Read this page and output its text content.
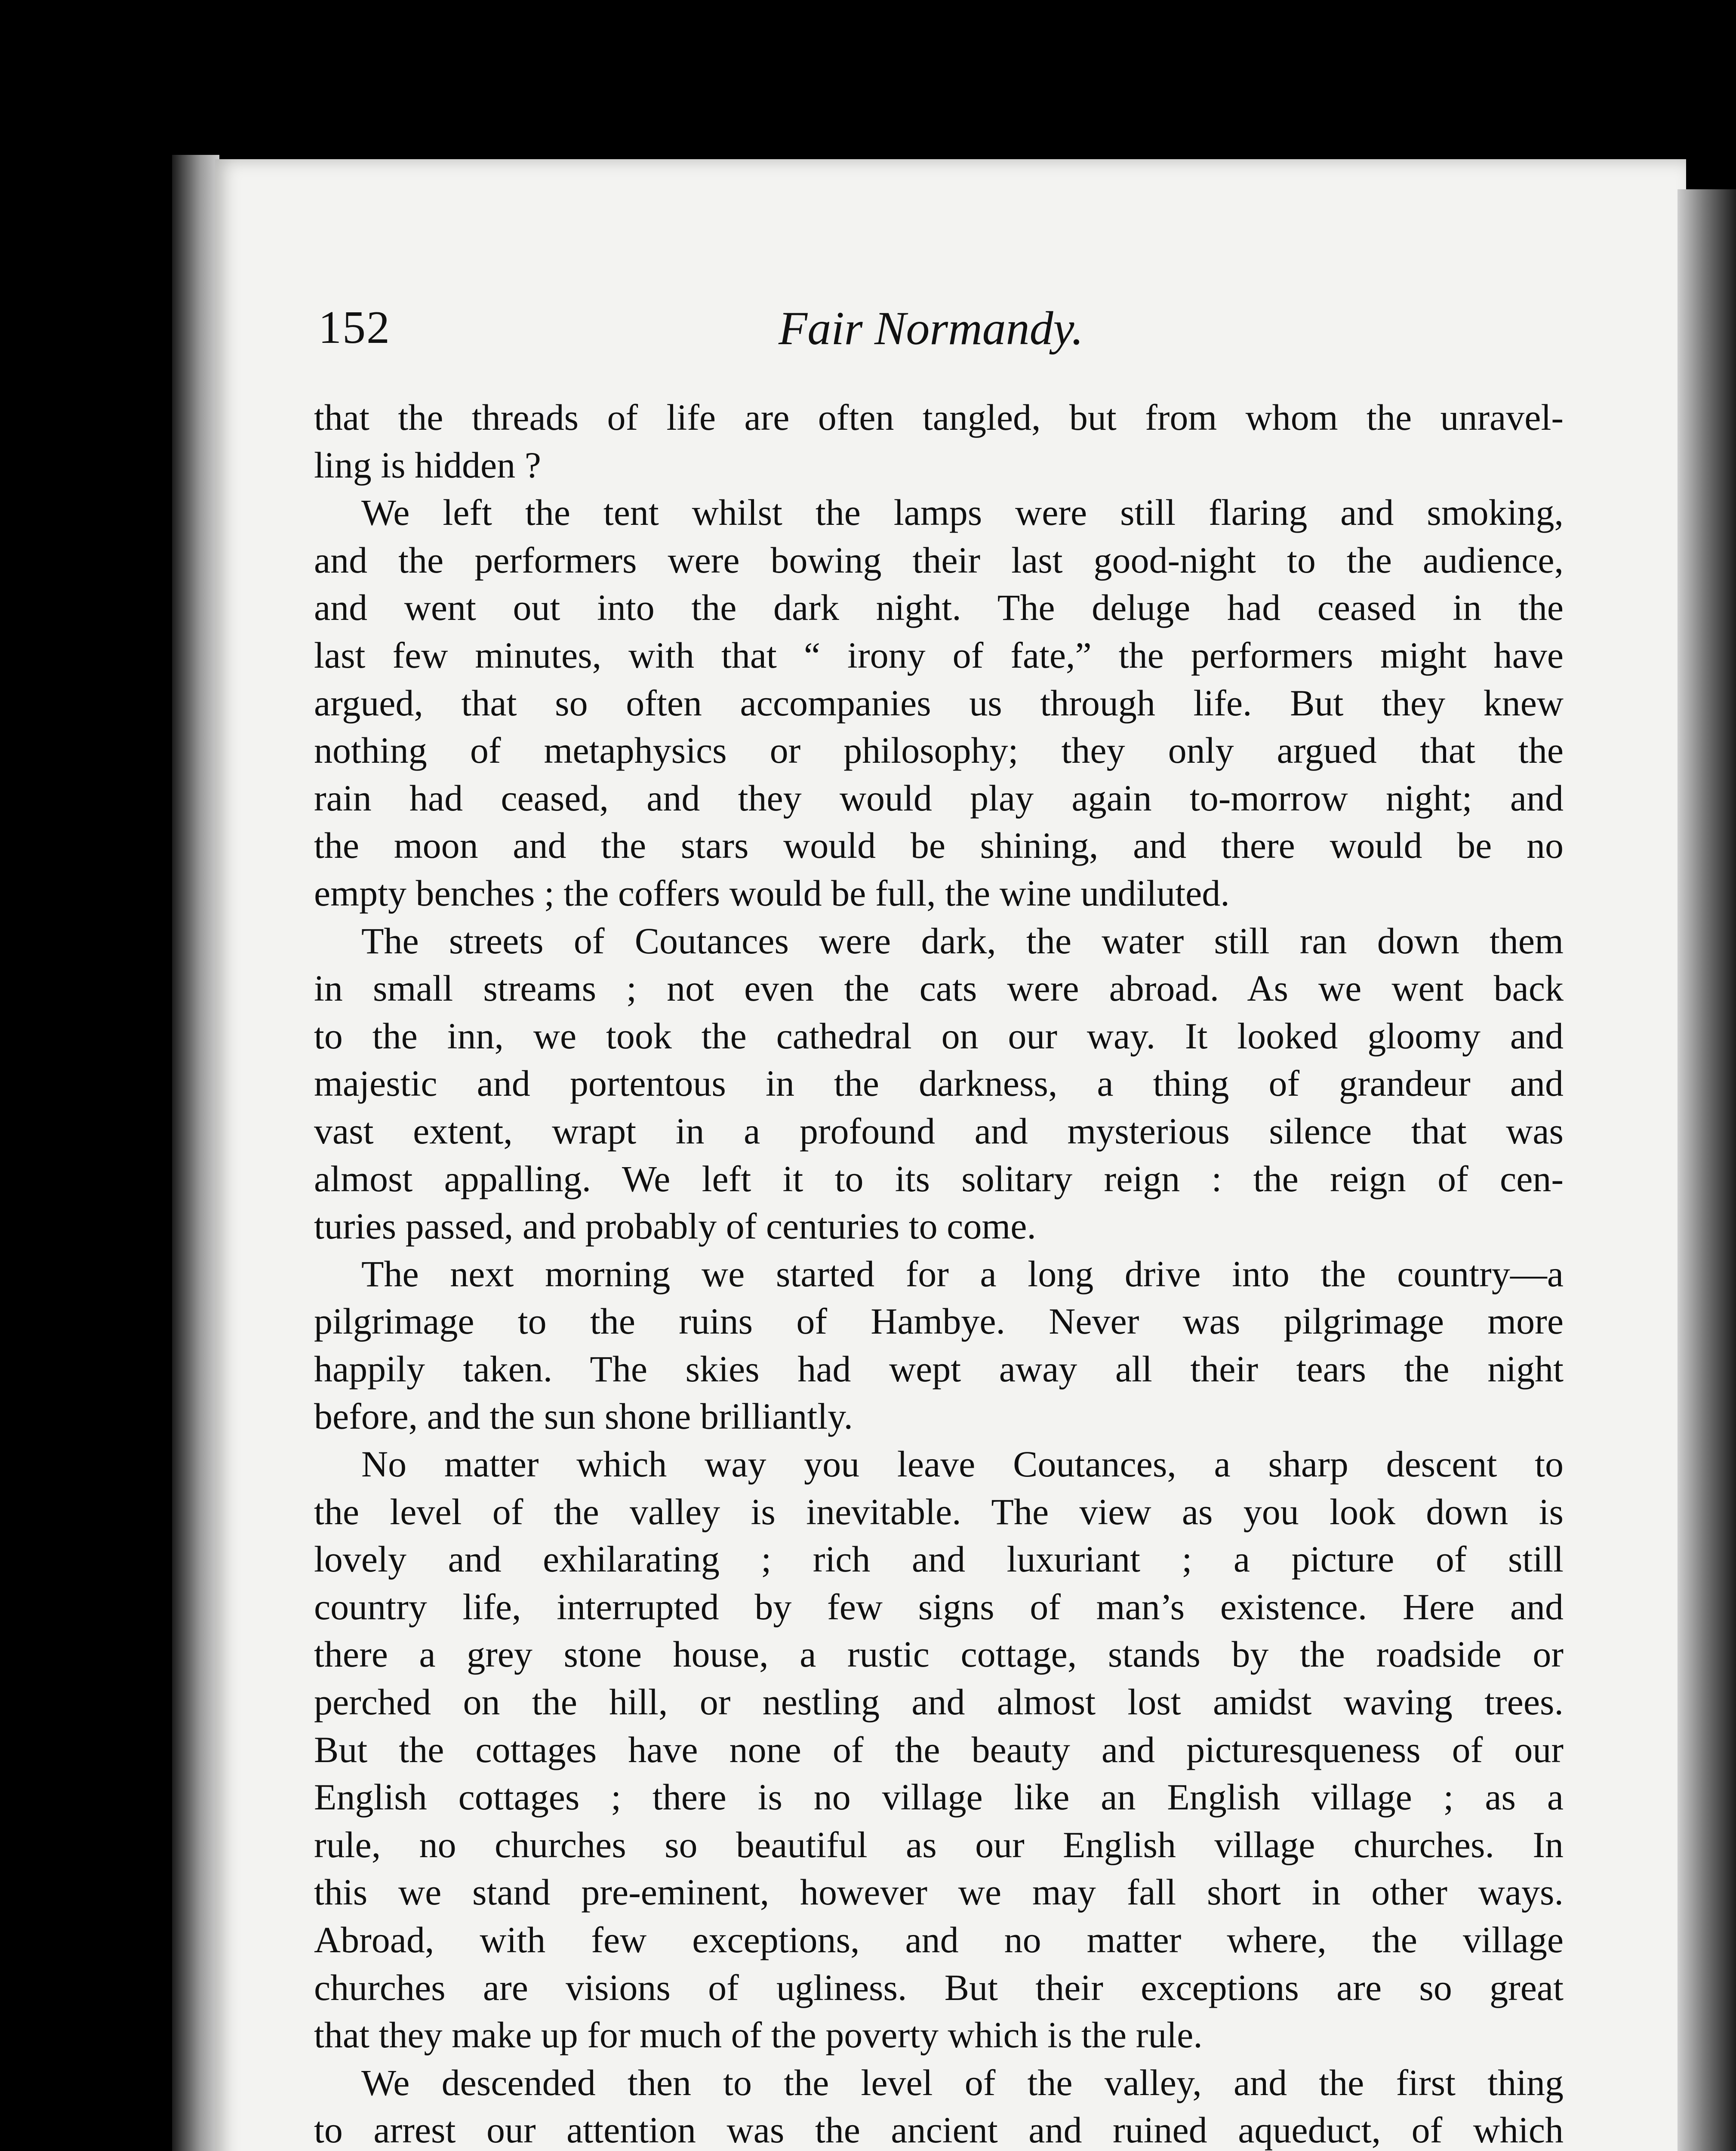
152	Fair Normandy.

that the threads of life are often tangled, but from whom the unravel-

ling is hidden ?

We left the tent whilst the lamps were still flaring and smoking,

and the performers were bowing their last good-night to the audience,

and went out into the dark night. The deluge had ceased in the

last few minutes, with that “ irony of fate,” the performers might have

argued, that so often accompanies us through life. But they knew

nothing of metaphysics or philosophy; they only argued that the

rain had ceased, and they would play again to-morrow night; and

the moon and the stars would be shining, and there would be no

empty benches ; the coffers would be full, the wine undiluted.

The streets of Coutances were dark, the water still ran down them

in small streams ; not even the cats were abroad. As we went back

to the inn, we took the cathedral on our way. It looked gloomy and

majestic and portentous in the darkness, a thing of grandeur and

vast extent, wrapt in a profound and mysterious silence that was

almost appalling. We left it to its solitary reign : the reign of cen-

turies passed, and probably of centuries to come.

The next morning we started for a long drive into the country—a

pilgrimage to the ruins of Hambye. Never was pilgrimage more

happily taken. The skies had wept away all their tears the night

before, and the sun shone brilliantly.

No matter which way you leave Coutances, a sharp descent to

the level of the valley is inevitable. The view as you look down is

lovely and exhilarating ; rich and luxuriant ; a picture of still

country life, interrupted by few signs of man’s existence. Here and

there a grey stone house, a rustic cottage, stands by the roadside or

perched on the hill, or nestling and almost lost amidst waving trees.

But the cottages have none of the beauty and picturesqueness of our

English cottages ; there is no village like an English village ; as a

rule, no churches so beautiful as our English village churches. In

this we stand pre-eminent, however we may fall short in other ways.

Abroad, with few exceptions, and no matter where, the village

churches are visions of ugliness. But their exceptions are so great

that they make up for much of the poverty which is the rule.

We descended then to the level of the valley, and the first thing

to arrest our attention was the ancient and ruined aqueduct, of which
